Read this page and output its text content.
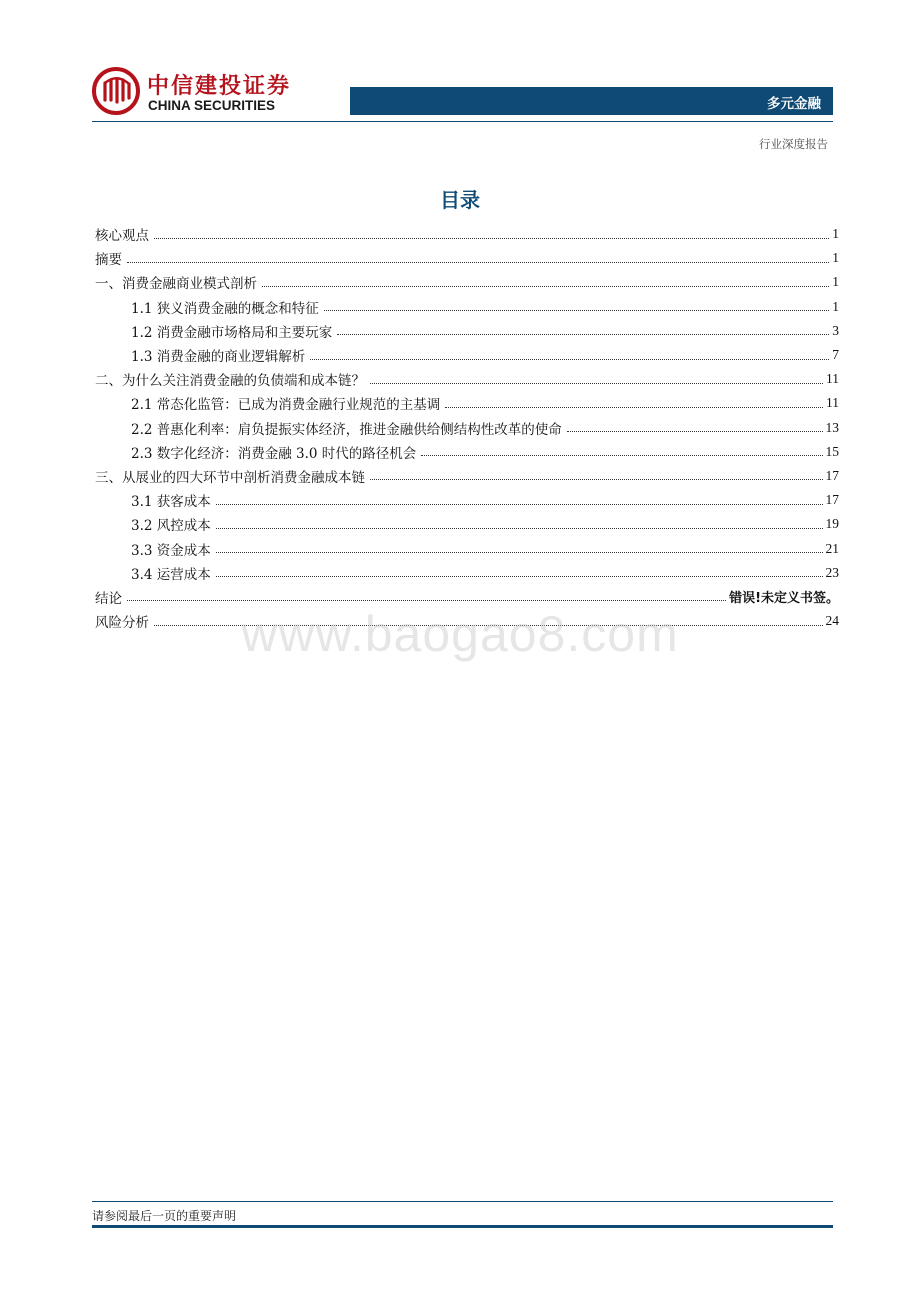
中信建投证券
CHINA SECURITIES	多元金融
行业深度报告
目录
核心观点	1
摘要	1
一、消费金融商业模式剖析	1
1.1 狭义消费金融的概念和特征	1
1.2 消费金融市场格局和主要玩家	3
1.3 消费金融的商业逻辑解析	7
二、为什么关注消费金融的负债端和成本链？	11
2.1 常态化监管：已成为消费金融行业规范的主基调	11
2.2 普惠化利率：肩负提振实体经济，推进金融供给侧结构性改革的使命	13
2.3 数字化经济：消费金融 3.0 时代的路径机会	15
三、从展业的四大环节中剖析消费金融成本链	17
3.1 获客成本	17
3.2 风控成本	19
3.3 资金成本	21
3.4 运营成本	23
结论	错误!未定义书签。
风险分析	24
www.baogao8.com
请参阅最后一页的重要声明
